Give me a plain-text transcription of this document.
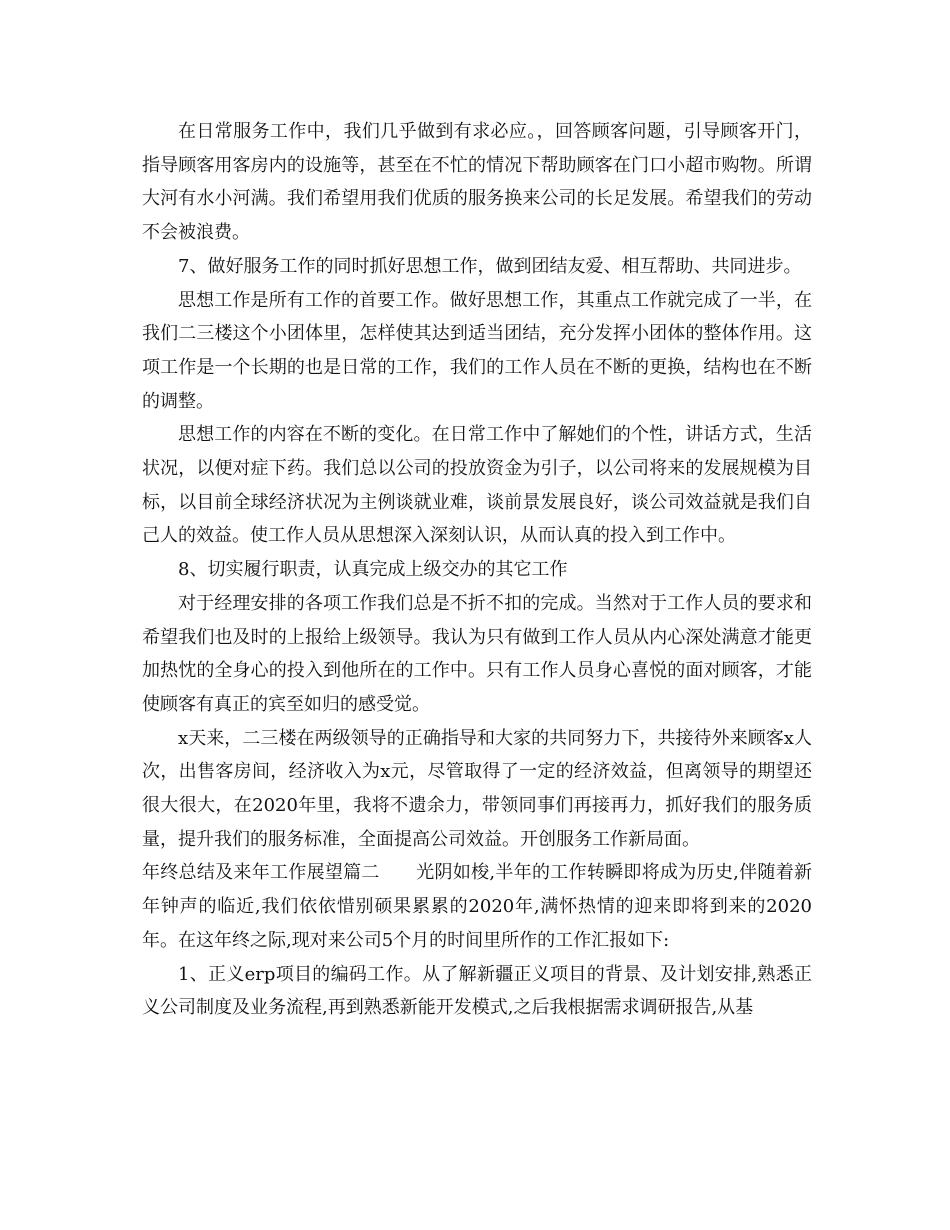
在日常服务工作中，我们几乎做到有求必应。，回答顾客问题，引导顾客开门，指导顾客用客房内的设施等，甚至在不忙的情况下帮助顾客在门口小超市购物。所谓大河有水小河满。我们希望用我们优质的服务换来公司的长足发展。希望我们的劳动不会被浪费。

7、做好服务工作的同时抓好思想工作，做到团结友爱、相互帮助、共同进步。

思想工作是所有工作的首要工作。做好思想工作，其重点工作就完成了一半，在我们二三楼这个小团体里，怎样使其达到适当团结，充分发挥小团体的整体作用。这项工作是一个长期的也是日常的工作，我们的工作人员在不断的更换，结构也在不断的调整。

思想工作的内容在不断的变化。在日常工作中了解她们的个性，讲话方式，生活状况，以便对症下药。我们总以公司的投放资金为引子，以公司将来的发展规模为目标，以目前全球经济状况为主例谈就业难，谈前景发展良好，谈公司效益就是我们自己人的效益。使工作人员从思想深入深刻认识，从而认真的投入到工作中。

8、切实履行职责，认真完成上级交办的其它工作

对于经理安排的各项工作我们总是不折不扣的完成。当然对于工作人员的要求和希望我们也及时的上报给上级领导。我认为只有做到工作人员从内心深处满意才能更加热忱的全身心的投入到他所在的工作中。只有工作人员身心喜悦的面对顾客，才能使顾客有真正的宾至如归的感受觉。

x天来，二三楼在两级领导的正确指导和大家的共同努力下，共接待外来顾客x人次，出售客房间，经济收入为x元，尽管取得了一定的经济效益，但离领导的期望还很大很大，在2020年里，我将不遗余力，带领同事们再接再力，抓好我们的服务质量，提升我们的服务标准，全面提高公司效益。开创服务工作新局面。

年终总结及来年工作展望篇二　　光阴如梭,半年的工作转瞬即将成为历史,伴随着新年钟声的临近,我们依依惜别硕果累累的2020年,满怀热情的迎来即将到来的2020年。在这年终之际,现对来公司5个月的时间里所作的工作汇报如下:

1、正义erp项目的编码工作。从了解新疆正义项目的背景、及计划安排,熟悉正义公司制度及业务流程,再到熟悉新能开发模式,之后我根据需求调研报告,从基
